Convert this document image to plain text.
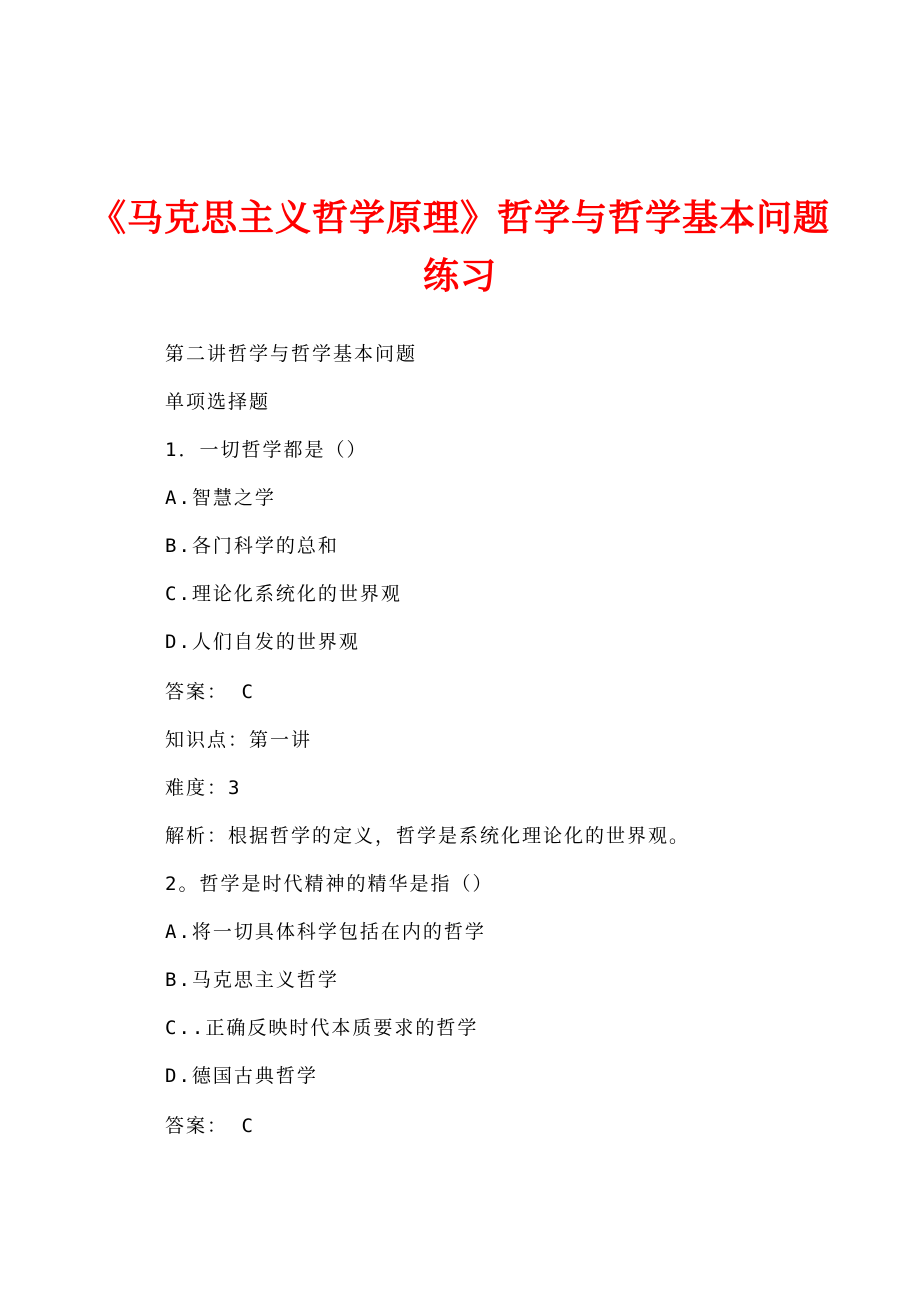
《马克思主义哲学原理》哲学与哲学基本问题
练习
第二讲哲学与哲学基本问题
单项选择题
1．一切哲学都是（）
A.智慧之学
B.各门科学的总和
C.理论化系统化的世界观
D.人们自发的世界观
答案： C
知识点：第一讲
难度：3
解析：根据哲学的定义，哲学是系统化理论化的世界观。
2。哲学是时代精神的精华是指（）
A.将一切具体科学包括在内的哲学
B.马克思主义哲学
C..正确反映时代本质要求的哲学
D.德国古典哲学
答案： C
